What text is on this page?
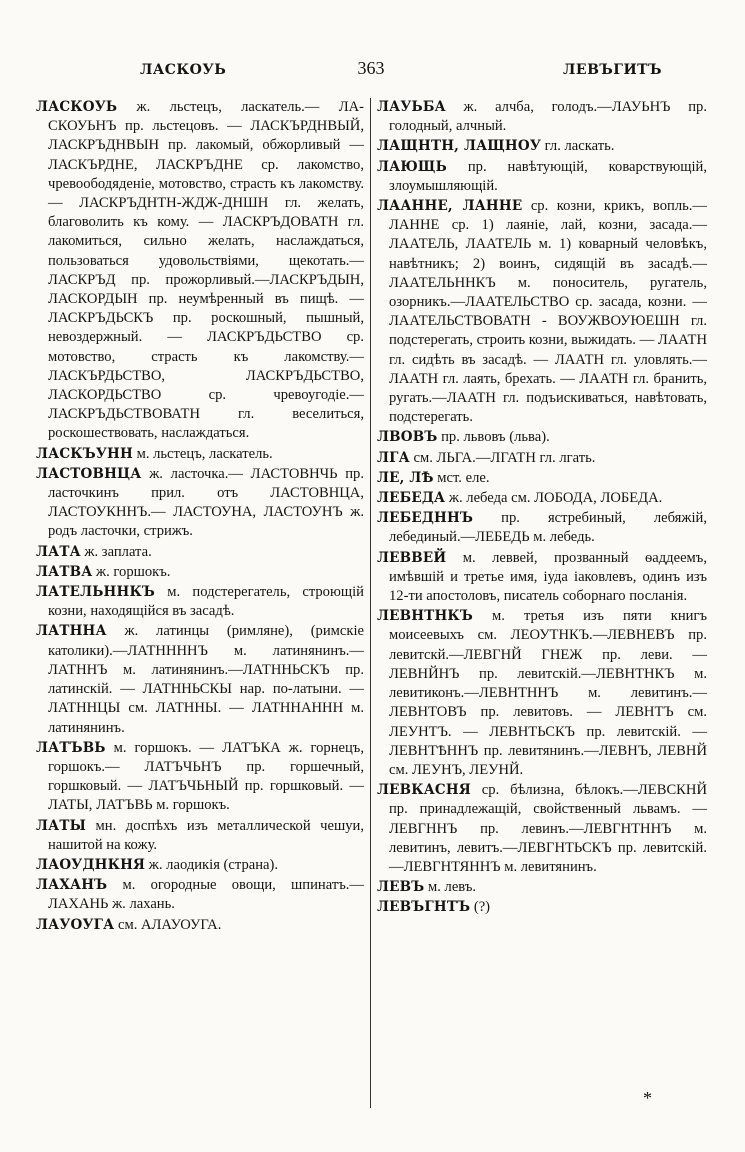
ЛАСКОУЬ	363	ЛЕВЪГИТЪ

ЛАСКОУЬ ж. льстецъ, ласкатель.— ЛА-СКОУЬНЪ пр. льстецовъ. — ЛАСКЪРДНВЫЙ, ЛАСКРЪДНВЫН пр. лакомый, обжорливый — ЛАСКЪРДНЕ, ЛАСКРЪДНЕ ср. лакомство, чревоободяденіе, мотовство, страсть къ лакомству. — ЛАСКРЪДНТН-ЖДЖ-ДНШН гл. желать, благоволить къ кому. — ЛАСКРЪДОВАТН гл. лакомиться, сильно желать, наслаждаться, пользоваться удовольствіями, щекотать.— ЛАСКРЪД пр. прожорливый.—ЛАСКРЪДЫН, ЛАСКОРДЫН пр. неумѣренный въ пищѣ. — ЛАСКРЪДЬСКЪ пр. роскошный, пышный, невоздержный. — ЛАСКРЪДЬСТВО ср. мотовство, страсть къ лакомству.—ЛАСКЪРДЬСТВО, ЛАСКРЪДЬСТВО, ЛАСКОРДЬСТВО ср. чревоугодіе.— ЛАСКРЪДЬСТВОВАТН гл. веселиться, роскошествовать, наслаждаться.

ЛАСКЪУНН м. льстецъ, ласкатель.

ЛАСТОВНЦА ж. ласточка.— ЛАСТОВНЧЬ пр. ласточкинъ прил. отъ ЛАСТОВНЦА, ЛАСТОУКННЪ.— ЛАСТОУНА, ЛАСТОУНЪ ж. родъ ласточки, стрижъ.

ЛАТА ж. заплата.

ЛАТВА ж. горшокъ.

ЛАТЕЛЬННКЪ м. подстерегатель, строющій козни, находящійся въ засадѣ.

ЛАТННА ж. латинцы (римляне), (римскіе католики).—ЛАТННННЪ м. латинянинъ.—ЛАТННЪ м. латинянинъ.—ЛАТННЬСКЪ пр. латинскій. — ЛАТННЬСКЫ нар. по-латыни. — ЛАТННЦЫ см. ЛАТННЫ. — ЛАТННАННН м. латинянинъ.

ЛАТЪВЬ м. горшокъ. — ЛАТЪКА ж. горнецъ, горшокъ.— ЛАТЪЧЬНЪ пр. горшечный, горшковый. — ЛАТЪЧЬНЫЙ пр. горшковый. — ЛАТЫ, ЛАТЪВЬ м. горшокъ.

ЛАТЫ мн. доспѣхъ изъ металлической чешуи, нашитой на кожу.

ЛАОУДНКНЯ ж. лаодикія (страна).

ЛАХАНЪ м. огородные овощи, шпинатъ.—ЛАХАНЬ ж. лахань.

ЛАУОУГА см. АЛАУОУГА.

ЛАУЬБА ж. алчба, голодъ.—ЛАУЬНЪ пр. голодный, алчный.

ЛАЩНТН, ЛАЩНОУ гл. ласкать.

ЛАЮЩЬ пр. навѣтующій, коварствующій, злоумышляющій.

ЛААННЕ, ЛАННЕ ср. козни, крикъ, вопль.—ЛАННЕ ср. 1) лаяніе, лай, козни, засада.—ЛААТЕЛЬ, ЛААТЕЛЬ м. 1) коварный человѣкъ, навѣтникъ; 2) воинъ, сидящій въ засадѣ.—ЛААТЕЛЬННКЪ м. поноситель, ругатель, озорникъ.—ЛААТЕЛЬСТВО ср. засада, козни. — ЛААТЕЛЬСТВОВАТН - ВОУЖВОУЮЕШН гл. подстерегать, строить козни, выжидать. — ЛААТН гл. сидѣть въ засадѣ. — ЛААТН гл. уловлять.—ЛААТН гл. лаять, брехать. — ЛААТН гл. бранить, ругать.—ЛААТН гл. подъискиваться, навѣтовать, подстерегать.

ЛВОВЪ пр. львовъ (льва).

ЛГА см. ЛЬГА.—ЛГАТН гл. лгать.

ЛЕ, ЛѢ мст. еле.

ЛЕБЕДА ж. лебеда см. ЛОБОДА, ЛОБЕДА.

ЛЕБЕДННЪ пр. ястребиный, лебяжій, лебединый.—ЛЕБЕДЬ м. лебедь.

ЛЕВВЕЙ м. леввей, прозванный ѳаддеемъ, имѣвшій и третье имя, іуда іаковлевъ, одинъ изъ 12-ти апостоловъ, писатель соборнаго посланія.

ЛЕВНТНКЪ м. третья изъ пяти книгъ моисеевыхъ см. ЛЕОУТНКЪ.—ЛЕВНЕВЪ пр. левитскй.—ЛЕВГНЙ ГНЕЖ пр. леви. —ЛЕВНЙНЪ пр. левитскій.—ЛЕВНТНКЪ м. левитиконъ.—ЛЕВНТННЪ м. левитинъ.—ЛЕВНТОВЪ пр. левитовъ. — ЛЕВНТЪ см. ЛЕУНТЪ. — ЛЕВНТЬСКЪ пр. левитскій. — ЛЕВНТѢННЪ пр. левитянинъ.—ЛЕВНЪ, ЛЕВНЙ см. ЛЕУНЪ, ЛЕУНЙ.

ЛЕВКАСНЯ ср. бѣлизна, бѣлокъ.—ЛЕВСКНЙ пр. принадлежащій, свойственный львамъ. — ЛЕВГННЪ пр. левинъ.—ЛЕВГНТННЪ м. левитинъ, левитъ.—ЛЕВГНТЬСКЪ пр. левитскій.—ЛЕВГНТЯННЪ м. левитянинъ.

ЛЕВЪ м. левъ.

ЛЕВЪГНТЪ (?)

*
